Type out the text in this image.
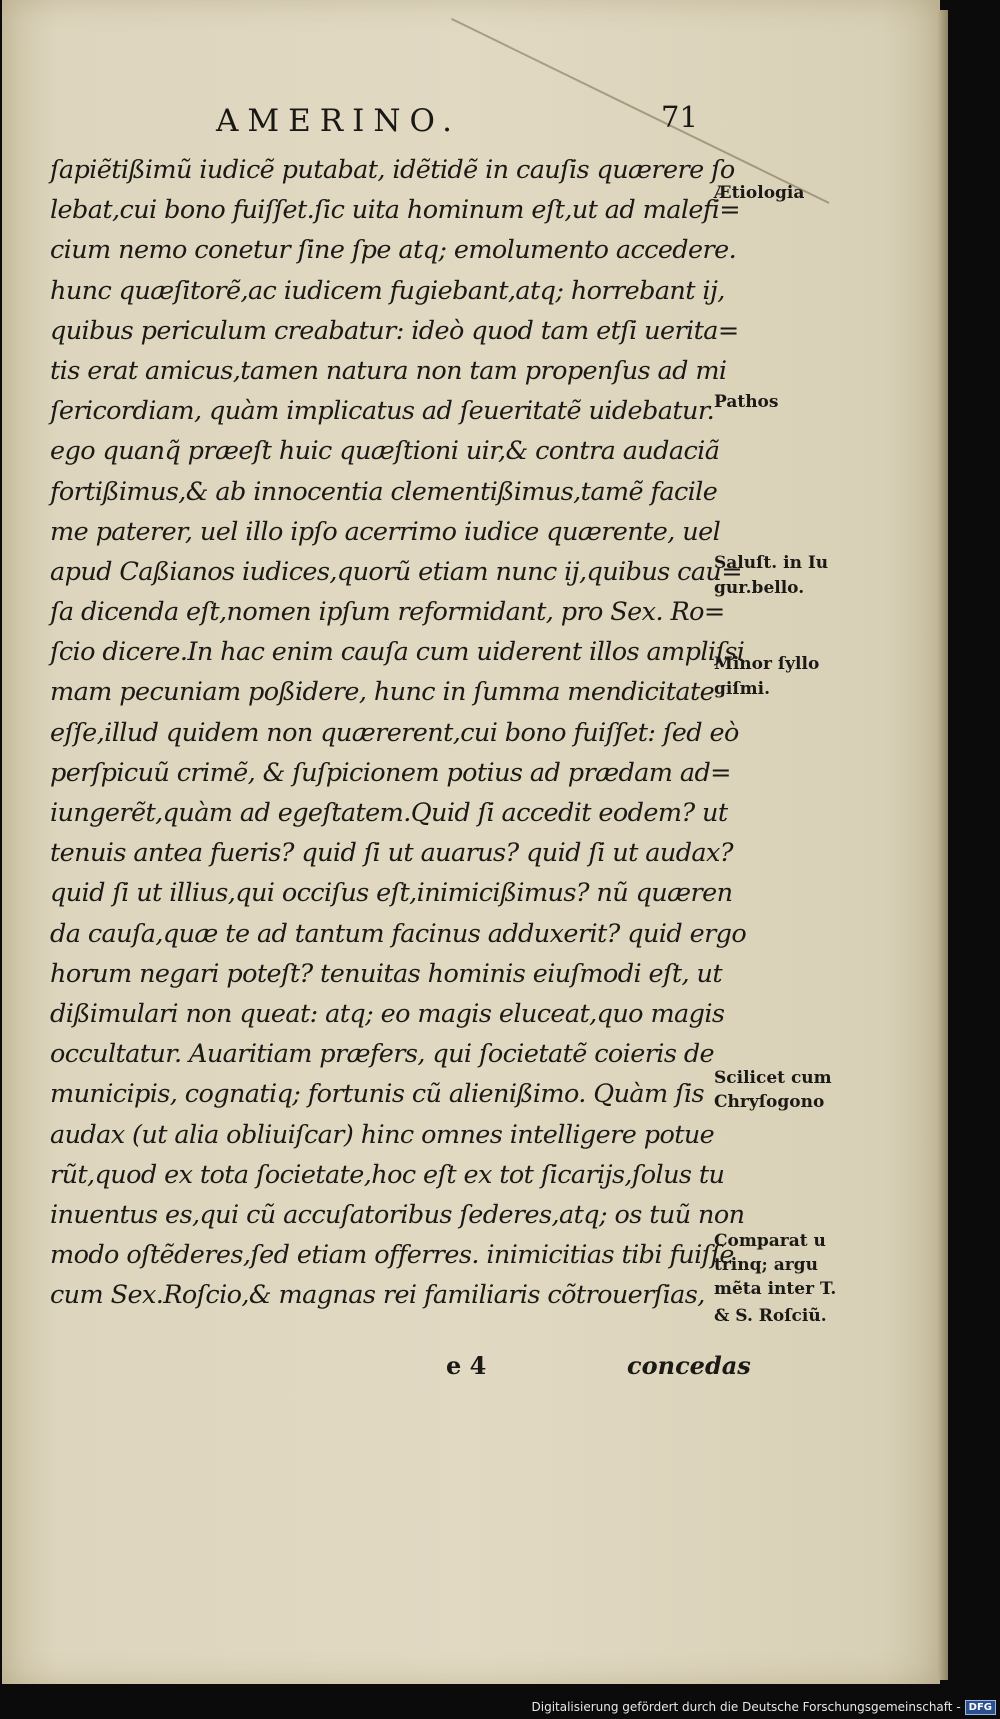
AMERINO.	71
ſapiẽtißimũ iudicẽ putabat, idẽtidẽ in cauſis quærere ſo
lebat,cui bono fuiſſet.ſic uita hominum eſt,ut ad malefi=
cium nemo conetur ſine ſpe atq; emolumento accedere.
hunc quæſitorẽ,ac iudicem fugiebant,atq; horrebant ij,
quibus periculum creabatur: ideò quod tam etſi uerita=
tis erat amicus,tamen natura non tam propenſus ad mi
ſericordiam, quàm implicatus ad ſeueritatẽ uidebatur.
ego quanq̃ præeſt huic quæſtioni uir,& contra audaciã
fortißimus,& ab innocentia clementißimus,tamẽ facile
me paterer, uel illo ipſo acerrimo iudice quærente, uel
apud Caßianos iudices,quorũ etiam nunc ij,quibus cau=
ſa dicenda eſt,nomen ipſum reformidant, pro Sex. Ro=
ſcio dicere.In hac enim cauſa cum uiderent illos ampliſsi
mam pecuniam poßidere, hunc in ſumma mendicitate
eſſe,illud quidem non quærerent,cui bono fuiſſet: ſed eò
perſpicuũ crimẽ, & ſuſpicionem potius ad prædam ad=
iungerẽt,quàm ad egeſtatem.Quid ſi accedit eodem? ut
tenuis antea fueris? quid ſi ut auarus? quid ſi ut audax?
quid ſi ut illius,qui occiſus eſt,inimicißimus? nũ quæren
da cauſa,quæ te ad tantum facinus adduxerit? quid ergo
horum negari poteſt? tenuitas hominis eiuſmodi eſt, ut
dißimulari non queat: atq; eo magis eluceat,quo magis
occultatur. Auaritiam præfers, qui ſocietatẽ coieris de
municipis, cognatiq; fortunis cũ alienißimo. Quàm ſis
audax (ut alia obliuiſcar) hinc omnes intelligere potue
rũt,quod ex tota ſocietate,hoc eſt ex tot ſicarijs,ſolus tu
inuentus es,qui cũ accuſatoribus ſederes,atq; os tuũ non
modo oſtẽderes,ſed etiam offerres. inimicitias tibi fuiſſe
cum Sex.Roſcio,& magnas rei familiaris cõtrouerſias,
Ætiologia
Pathos
Saluſt. in Iu
gur.bello.
Minor ſyllo
giſmi.
Scilicet cum
Chryſogono
Comparat u
trinq; argu
mẽta inter T.
& S. Roſciũ.
e 4	concedas
Digitalisierung gefördert durch die Deutsche Forschungsgemeinschaft - DFG
